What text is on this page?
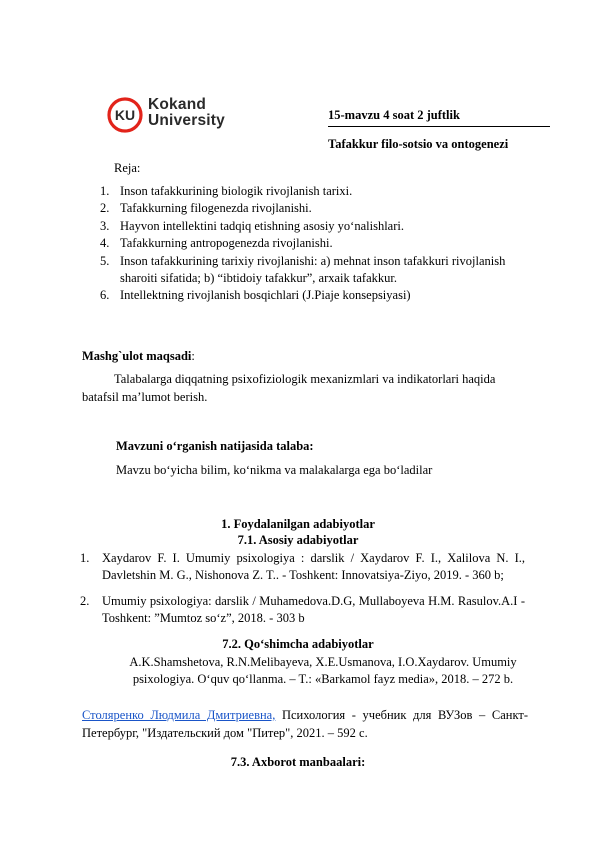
KU
Kokand
University	15-mavzu 4 soat 2 juftlik
Tafakkur filo-sotsio va ontogenezi
Reja:
1. Inson tafakkurining biologik rivojlanish tarixi.
2. Tafakkurning filogenezda rivojlanishi.
3. Hayvon intellektini tadqiq etishning asosiy yo‘nalishlari.
4. Tafakkurning antropogenezda rivojlanishi.
5. Inson tafakkurining tarixiy rivojlanishi: a) mehnat inson tafakkuri rivojlanish sharoiti sifatida; b) “ibtidoiy tafakkur”, arxaik tafakkur.
6. Intellektning rivojlanish bosqichlari (J.Piaje konsepsiyasi)
Mashg`ulot maqsadi:
Talabalarga diqqatning psixofiziologik mexanizmlari va indikatorlari haqida batafsil ma’lumot berish.
Mavzuni o‘rganish natijasida talaba:
Mavzu bo‘yicha bilim, ko‘nikma va malakalarga ega bo‘ladilar
1. Foydalanilgan adabiyotlar
7.1. Asosiy adabiyotlar
1. Xaydarov F. I. Umumiy psixologiya : darslik / Xaydarov F. I., Xalilova N. I., Davletshin M. G., Nishonova Z. T.. - Toshkent: Innovatsiya-Ziyo, 2019. - 360 b;
2. Umumiy psixologiya: darslik / Muhamedova.D.G, Mullaboyeva H.M. Rasulov.A.I - Toshkent: ”Mumtoz so‘z”, 2018. - 303 b
7.2. Qo‘shimcha adabiyotlar
A.K.Shamshetova, R.N.Melibayeva, X.E.Usmanova, I.O.Xaydarov. Umumiy psixologiya. O‘quv qo‘llanma. – T.: «Barkamol fayz media», 2018. – 272 b.
Столяренко Людмила Дмитриевна, Психология - учебник для ВУЗов – Санкт-Петербург, "Издательский дом "Питер", 2021. – 592 с.
7.3. Axborot manbaalari:
